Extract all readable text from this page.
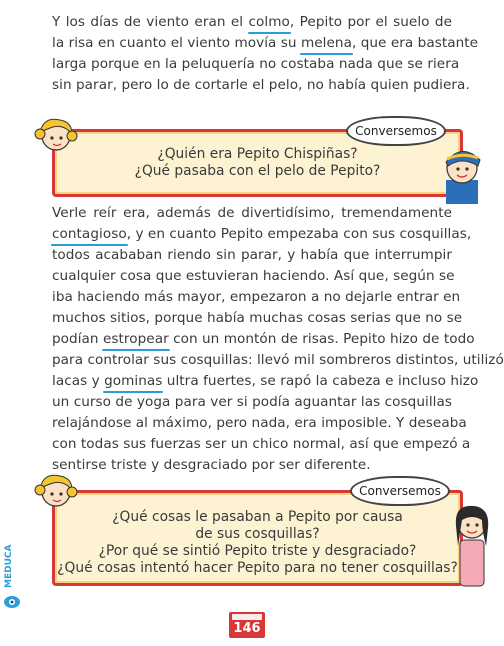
Y los días de viento eran el colmo, Pepito por el suelo de
la risa en cuanto el viento movía su melena, que era bastante
larga porque en la peluquería no costaba nada que se riera
sin parar, pero lo de cortarle el pelo, no había quien pudiera.
¿Quién era Pepito Chispiñas?
¿Qué pasaba con el pelo de Pepito?
Conversemos
Verle reír era, además de divertidísimo, tremendamente
contagioso, y en cuanto Pepito empezaba con sus cosquillas,
todos acababan riendo sin parar, y había que interrumpir
cualquier cosa que estuvieran haciendo. Así que, según se
iba haciendo más mayor, empezaron a no dejarle entrar en
muchos sitios, porque había muchas cosas serias que no se
podían estropear con un montón de risas. Pepito hizo de todo
para controlar sus cosquillas: llevó mil sombreros distintos, utilizó
lacas y gominas ultra fuertes, se rapó la cabeza e incluso hizo
un curso de yoga para ver si podía aguantar las cosquillas
relajándose al máximo, pero nada, era imposible. Y deseaba
con todas sus fuerzas ser un chico normal, así que empezó a
sentirse triste y desgraciado por ser diferente.
¿Qué cosas le pasaban a Pepito por causa
de sus cosquillas?
¿Por qué se sintió Pepito triste y desgraciado?
¿Qué cosas intentó hacer Pepito para no tener cosquillas?
Conversemos
MEDUCA
146
